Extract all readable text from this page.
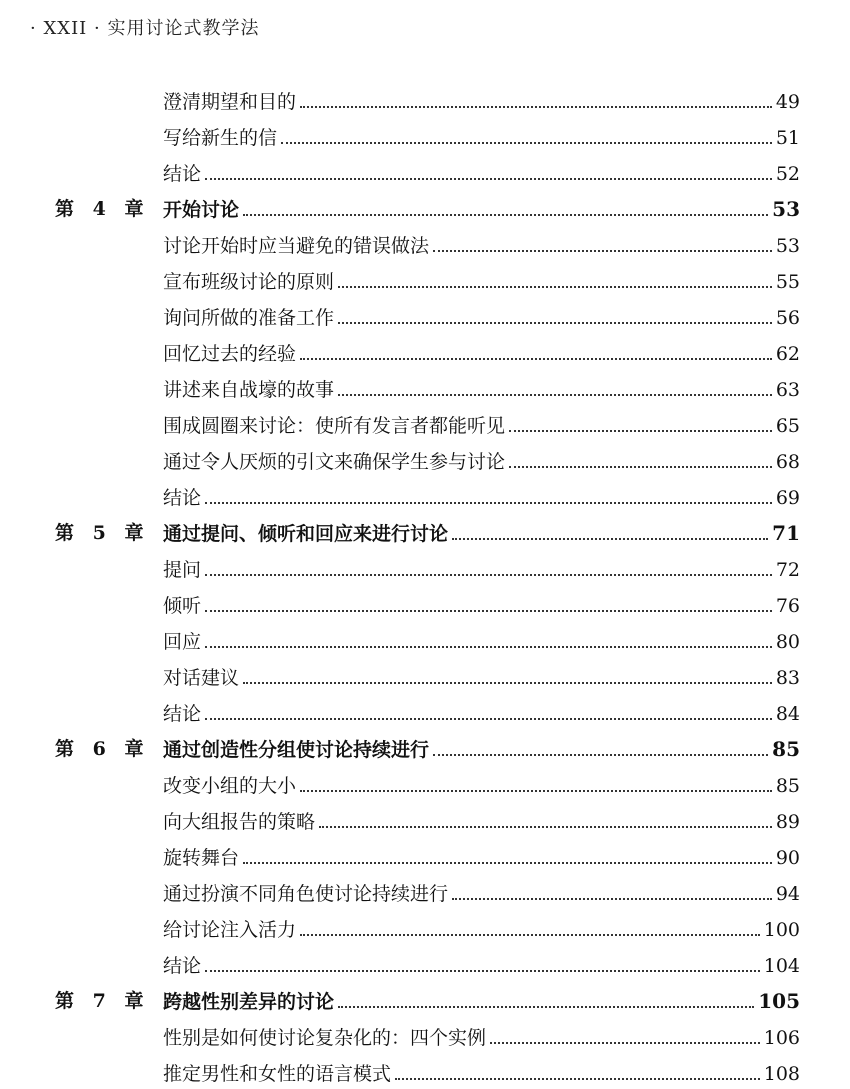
· XXII · 实用讨论式教学法
澄清期望和目的	49
写给新生的信	51
结论	52
第 4 章 开始讨论	53
讨论开始时应当避免的错误做法	53
宣布班级讨论的原则	55
询问所做的准备工作	56
回忆过去的经验	62
讲述来自战壕的故事	63
围成圆圈来讨论：使所有发言者都能听见	65
通过令人厌烦的引文来确保学生参与讨论	68
结论	69
第 5 章 通过提问、倾听和回应来进行讨论	71
提问	72
倾听	76
回应	80
对话建议	83
结论	84
第 6 章 通过创造性分组使讨论持续进行	85
改变小组的大小	85
向大组报告的策略	89
旋转舞台	90
通过扮演不同角色使讨论持续进行	94
给讨论注入活力	100
结论	104
第 7 章 跨越性别差异的讨论	105
性别是如何使讨论复杂化的：四个实例	106
推定男性和女性的语言模式	108
